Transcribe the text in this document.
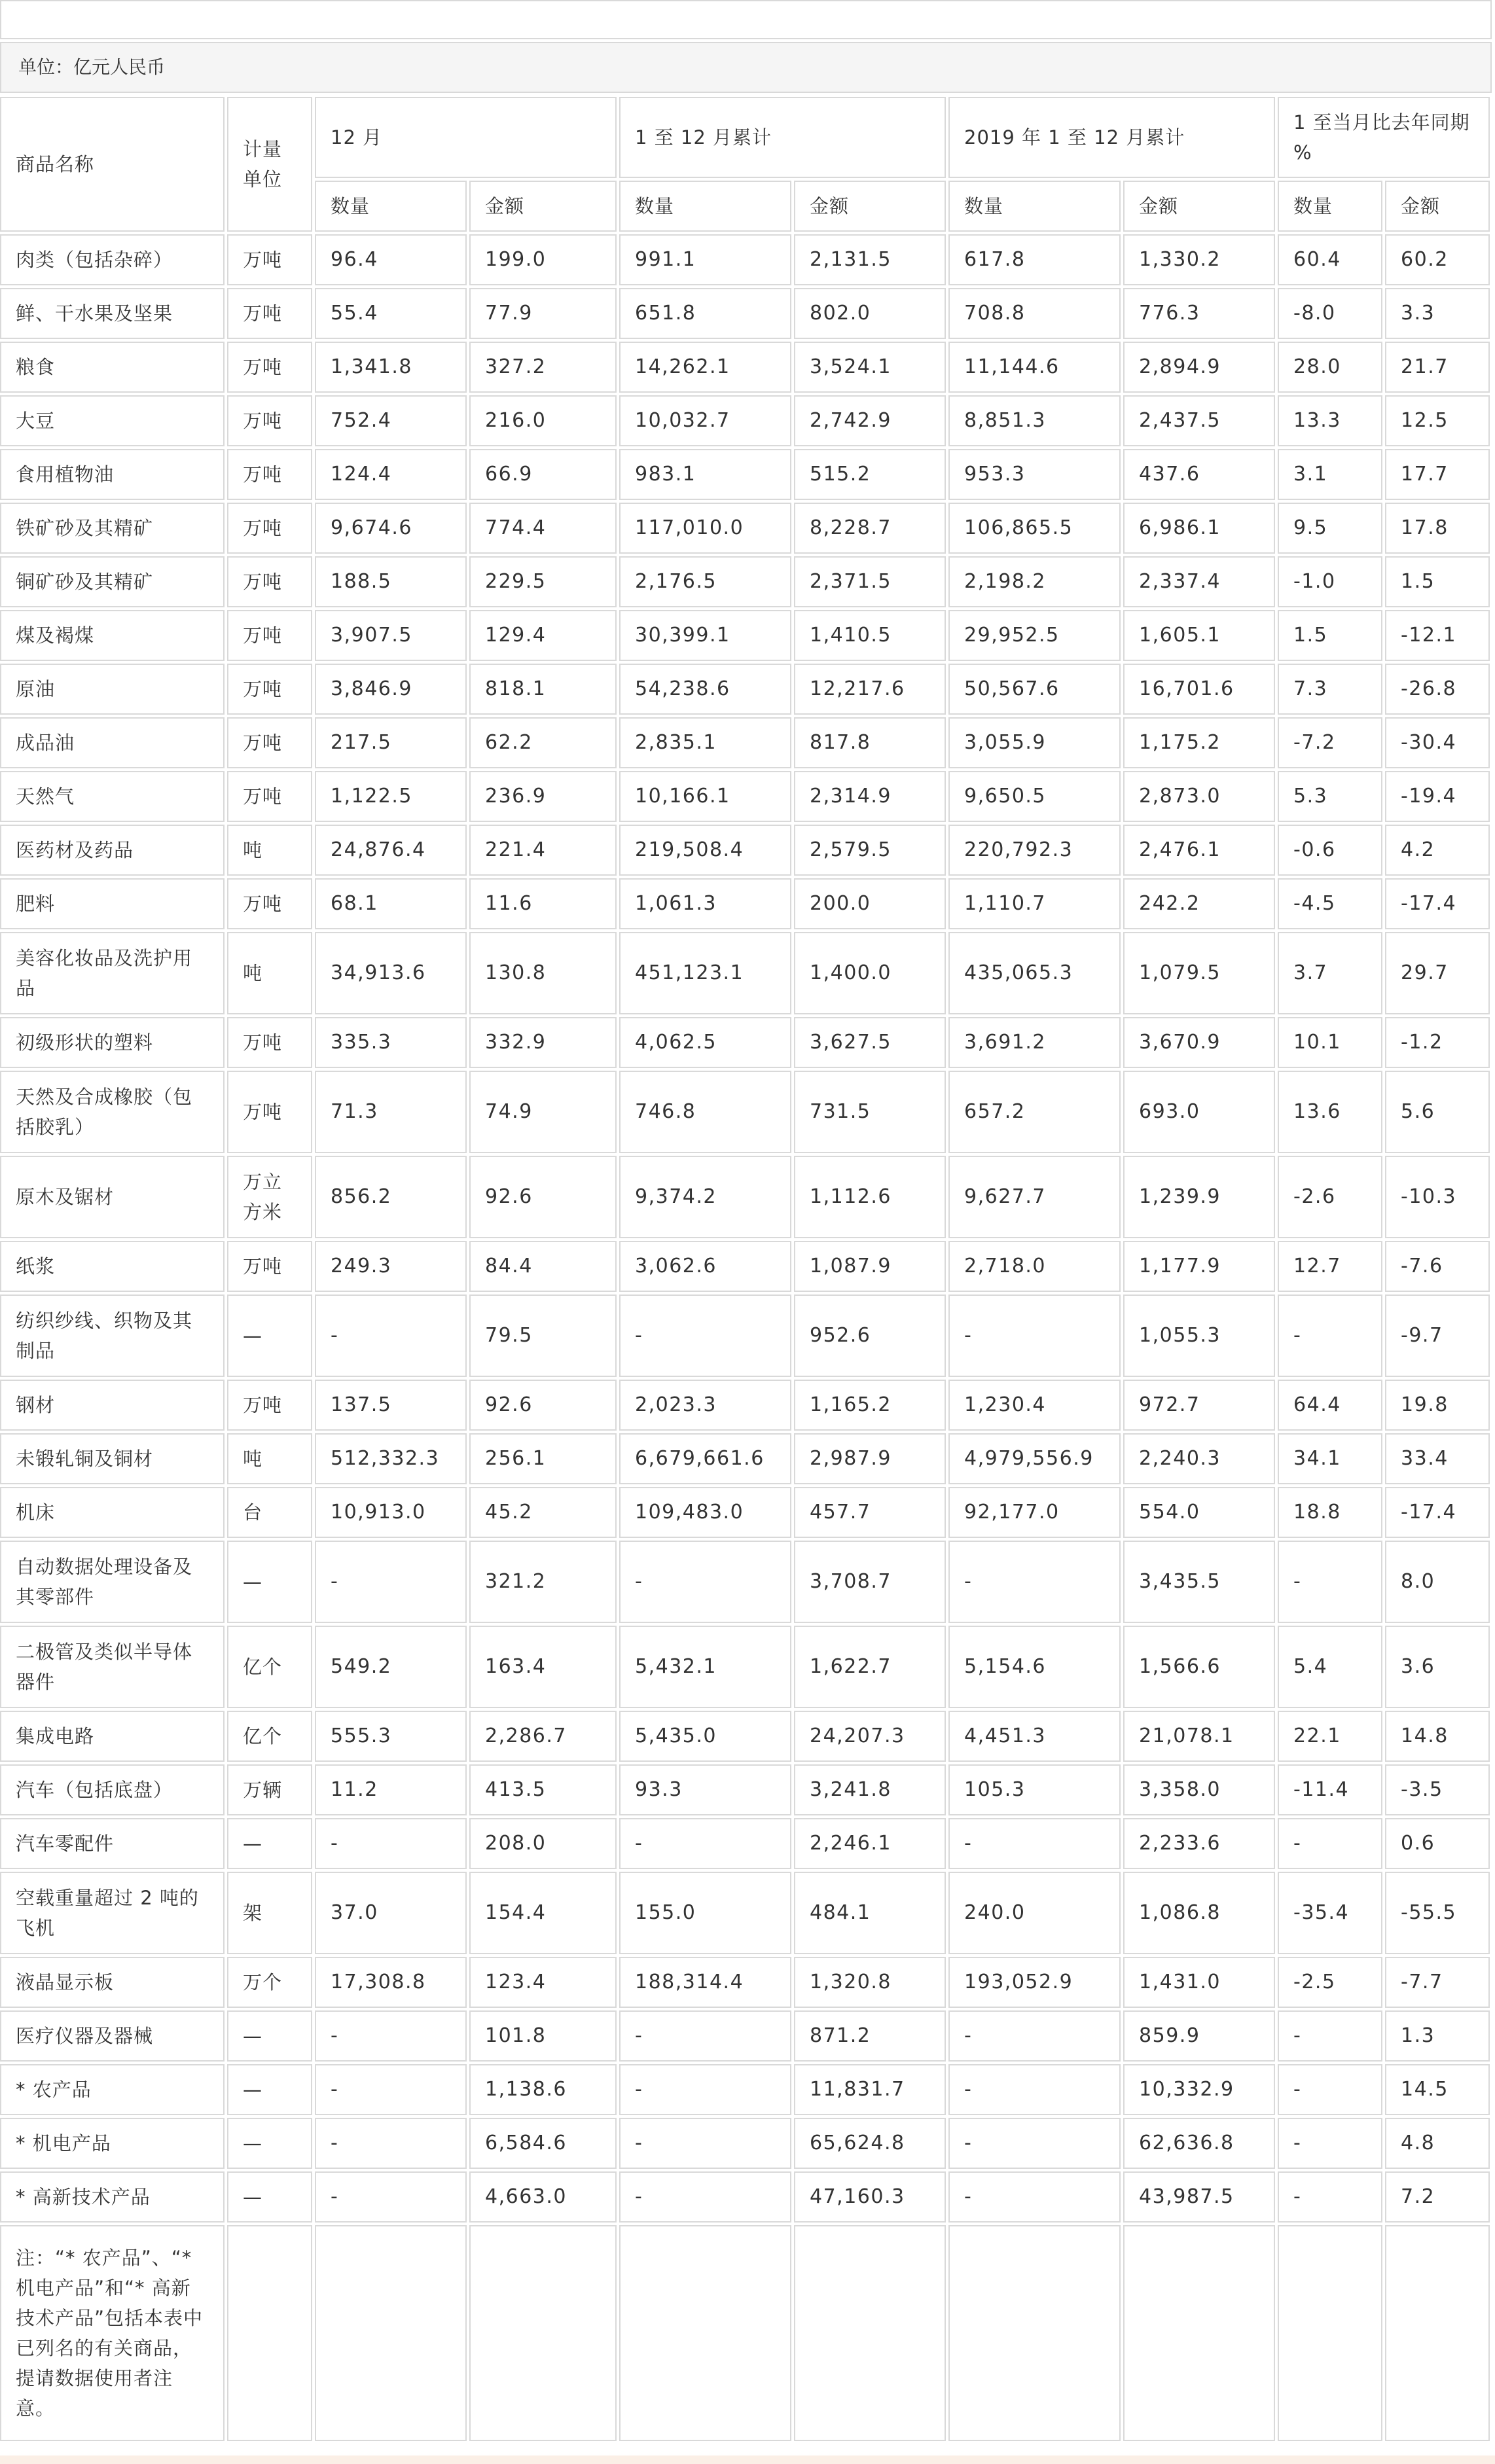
单位：亿元人民币
商品名称	计量单位	12 月		1 至 12 月累计		2019 年 1 至 12 月累计		1 至当月比去年同期 %	
		数量	金额	数量	金额	数量	金额	数量	金额
肉类（包括杂碎）	万吨	96.4	199.0	991.1	2,131.5	617.8	1,330.2	60.4	60.2
鲜、干水果及坚果	万吨	55.4	77.9	651.8	802.0	708.8	776.3	-8.0	3.3
粮食	万吨	1,341.8	327.2	14,262.1	3,524.1	11,144.6	2,894.9	28.0	21.7
大豆	万吨	752.4	216.0	10,032.7	2,742.9	8,851.3	2,437.5	13.3	12.5
食用植物油	万吨	124.4	66.9	983.1	515.2	953.3	437.6	3.1	17.7
铁矿砂及其精矿	万吨	9,674.6	774.4	117,010.0	8,228.7	106,865.5	6,986.1	9.5	17.8
铜矿砂及其精矿	万吨	188.5	229.5	2,176.5	2,371.5	2,198.2	2,337.4	-1.0	1.5
煤及褐煤	万吨	3,907.5	129.4	30,399.1	1,410.5	29,952.5	1,605.1	1.5	-12.1
原油	万吨	3,846.9	818.1	54,238.6	12,217.6	50,567.6	16,701.6	7.3	-26.8
成品油	万吨	217.5	62.2	2,835.1	817.8	3,055.9	1,175.2	-7.2	-30.4
天然气	万吨	1,122.5	236.9	10,166.1	2,314.9	9,650.5	2,873.0	5.3	-19.4
医药材及药品	吨	24,876.4	221.4	219,508.4	2,579.5	220,792.3	2,476.1	-0.6	4.2
肥料	万吨	68.1	11.6	1,061.3	200.0	1,110.7	242.2	-4.5	-17.4
美容化妆品及洗护用品	吨	34,913.6	130.8	451,123.1	1,400.0	435,065.3	1,079.5	3.7	29.7
初级形状的塑料	万吨	335.3	332.9	4,062.5	3,627.5	3,691.2	3,670.9	10.1	-1.2
天然及合成橡胶（包括胶乳）	万吨	71.3	74.9	746.8	731.5	657.2	693.0	13.6	5.6
原木及锯材	万立方米	856.2	92.6	9,374.2	1,112.6	9,627.7	1,239.9	-2.6	-10.3
纸浆	万吨	249.3	84.4	3,062.6	1,087.9	2,718.0	1,177.9	12.7	-7.6
纺织纱线、织物及其制品	—	-	79.5	-	952.6	-	1,055.3	-	-9.7
钢材	万吨	137.5	92.6	2,023.3	1,165.2	1,230.4	972.7	64.4	19.8
未锻轧铜及铜材	吨	512,332.3	256.1	6,679,661.6	2,987.9	4,979,556.9	2,240.3	34.1	33.4
机床	台	10,913.0	45.2	109,483.0	457.7	92,177.0	554.0	18.8	-17.4
自动数据处理设备及其零部件	—	-	321.2	-	3,708.7	-	3,435.5	-	8.0
二极管及类似半导体器件	亿个	549.2	163.4	5,432.1	1,622.7	5,154.6	1,566.6	5.4	3.6
集成电路	亿个	555.3	2,286.7	5,435.0	24,207.3	4,451.3	21,078.1	22.1	14.8
汽车（包括底盘）	万辆	11.2	413.5	93.3	3,241.8	105.3	3,358.0	-11.4	-3.5
汽车零配件	—	-	208.0	-	2,246.1	-	2,233.6	-	0.6
空载重量超过 2 吨的飞机	架	37.0	154.4	155.0	484.1	240.0	1,086.8	-35.4	-55.5
液晶显示板	万个	17,308.8	123.4	188,314.4	1,320.8	193,052.9	1,431.0	-2.5	-7.7
医疗仪器及器械	—	-	101.8	-	871.2	-	859.9	-	1.3
* 农产品	—	-	1,138.6	-	11,831.7	-	10,332.9	-	14.5
* 机电产品	—	-	6,584.6	-	65,624.8	-	62,636.8	-	4.8
* 高新技术产品	—	-	4,663.0	-	47,160.3	-	43,987.5	-	7.2
注：“* 农产品”、“* 机电产品”和“* 高新技术产品”包括本表中已列名的有关商品，提请数据使用者注意。									
